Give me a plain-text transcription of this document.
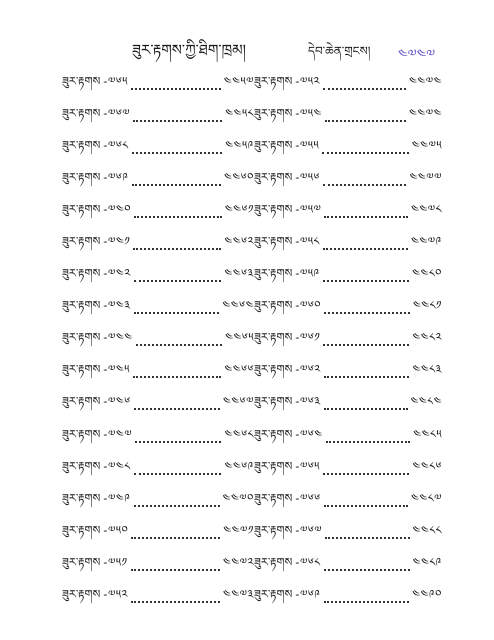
ཟུར་རྟགས་ཀྱི་ཐིག་ཁྲམ།	དེབ་ཆེན་གྲངས། ༤༧༤༧
ཟུར་རྟགས -༧༦༥	༤༤༥༧ ཟུར་རྟགས -༧༥༢	༤༤༧༤
ཟུར་རྟགས -༧༦༧	༤༤༥༨ ཟུར་རྟགས -༧༥༤	༤༤༧༤
ཟུར་རྟགས -༧༦༨	༤༤༥༩ ཟུར་རྟགས -༧༥༥	༤༤༧༥
ཟུར་རྟགས -༧༦༩	༤༤༦༠ ཟུར་རྟགས -༧༥༦	༤༤༧༧
ཟུར་རྟགས -༧༤༠	༤༤༦༡ ཟུར་རྟགས -༧༥༧	༤༤༧༨
ཟུར་རྟགས -༧༤༡	༤༤༦༢ ཟུར་རྟགས -༧༥༨	༤༤༧༩
ཟུར་རྟགས -༧༤༢	༤༤༦༣ ཟུར་རྟགས -༧༥༩	༤༤༨༠
ཟུར་རྟགས -༧༤༣	༤༤༦༤ ཟུར་རྟགས -༧༦༠	༤༤༨༡
ཟུར་རྟགས -༧༤༤	༤༤༦༥ ཟུར་རྟགས -༧༦༡	༤༤༨༢
ཟུར་རྟགས -༧༤༥	༤༤༦༦ ཟུར་རྟགས -༧༦༢	༤༤༨༣
ཟུར་རྟགས -༧༤༦	༤༤༦༧ ཟུར་རྟགས -༧༦༣	༤༤༨༤
ཟུར་རྟགས -༧༤༧	༤༤༦༨ ཟུར་རྟགས -༧༦༤	༤༤༨༥
ཟུར་རྟགས -༧༤༨	༤༤༦༩ ཟུར་རྟགས -༧༦༥	༤༤༨༦
ཟུར་རྟགས -༧༤༩	༤༤༧༠ ཟུར་རྟགས -༧༦༦	༤༤༨༧
ཟུར་རྟགས -༧༥༠	༤༤༧༡ ཟུར་རྟགས -༧༦༧	༤༤༨༨
ཟུར་རྟགས -༧༥༡	༤༤༧༢ ཟུར་རྟགས -༧༦༨	༤༤༨༩
ཟུར་རྟགས -༧༥༢	༤༤༧༣ ཟུར་རྟགས -༧༦༩	༤༤༩༠
